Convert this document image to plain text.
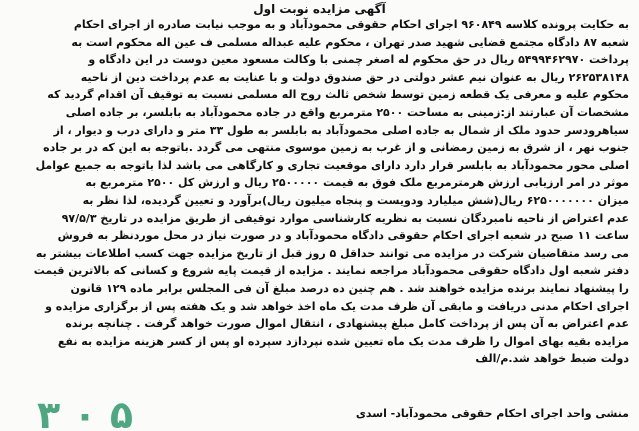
آگهی مزایده نوبت اول
به حکایت پرونده کلاسه ۹۶۰۸۴۹ اجرای احکام حقوقی محمودآباد و به موجب نیابت صادره از اجرای احکام
شعبه ۸۷ دادگاه مجتمع قضایی شهید صدر تهران ، محکوم علیه عبداله مسلمی ف عین اله محکوم است به
پرداخت ۵۴۹۹۴۶۲۹۷۰ ریال در حق محکوم له اصغر چمنی با وکالت مسعود معین دوست در این دادگاه و
۲۶۲۵۳۸۱۴۸ ریال به عنوان نیم عشر دولتی در حق صندوق دولت و با عنایت به عدم پرداخت دین از ناحیه
محکوم علیه و معرفی یک قطعه زمین توسط شخص ثالث روح اله مسلمی نسبت به توقیف آن اقدام گردید که
مشخصات آن عبارتند از:زمینی به مساحت ۲۵۰۰ مترمربع واقع در جاده محمودآباد به بابلسر، بر جاده اصلی
سیاهرودسر حدود ملک از شمال به جاده اصلی محمودآباد به بابلسر به طول ۳۳ متر و دارای درب و دیوار ، از
جنوب نهر ، از شرق به زمین رمضانی و از غرب به زمین موسوی منتهی می گردد .باتوجه به این که در بر جاده
اصلی محور محمودآباد به بابلسر قرار دارد دارای موقعیت تجاری و کارگاهی می باشد لذا باتوجه به جمیع عوامل
موثر در امر ارزیابی ارزش هرمترمربع ملک فوق به قیمت ۲۵۰۰۰۰۰ ریال و ارزش کل ۲۵۰۰ مترمربع به
میزان ۶۲۵۰۰۰۰۰۰۰ ریال(شش میلیارد ودویست و پنجاه میلیون ریال)برآورد و تعیین گردیده، لذا نظر به
عدم اعتراض از ناحیه نامبردگان نسبت به نظریه کارشناسی موارد توقیفی از طریق مزایده در تاریخ ۹۷/۵/۳
ساعت ۱۱ صبح در شعبه اجرای احکام حقوقی دادگاه محمودآباد و در صورت نیاز در محل موردنظر به فروش
می رسد متقاضیان شرکت در مزایده می توانند حداقل ۵ روز قبل از تاریخ مزایده جهت کسب اطلاعات بیشتر به
دفتر شعبه اول دادگاه حقوقی محمودآباد مراجعه نمایند . مزایده از قیمت پایه شروع و کسانی که بالاترین قیمت
را پیشنهاد نمایند برنده مزایده خواهند شد . هم چنین ده درصد مبلغ آن فی المجلس برابر ماده ۱۲۹ قانون
اجرای احکام مدنی دریافت و مابقی آن ظرف مدت یک ماه اخذ خواهد شد و یک هفته پس از برگزاری مزایده و
عدم اعتراض به آن پس از پرداخت کامل مبلغ پیشنهادی ، انتقال اموال صورت خواهد گرفت . چنانچه برنده
مزایده بقیه بهای اموال را ظرف مدت یک ماه تعیین شده نپردازد سپرده او پس از کسر هزینه مزایده به نفع
دولت ضبط خواهد شد.م/الف
منشی واحد اجرای احکام حقوقی محمودآباد- اسدی
۳ ۰ ۵
